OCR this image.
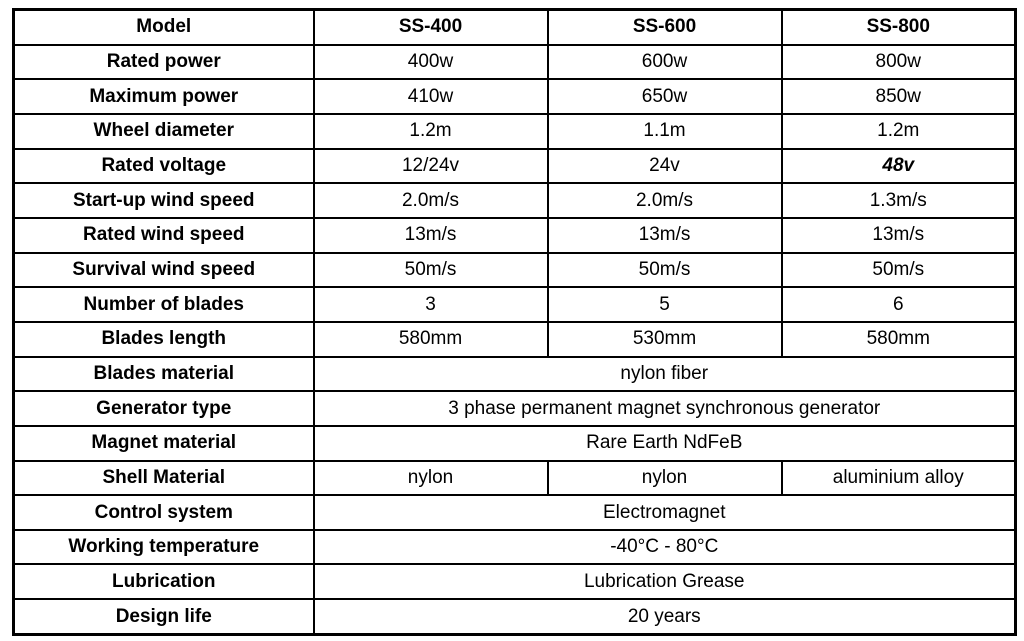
Model	SS-400	SS-600	SS-800
Rated power	400w	600w	800w
Maximum power	410w	650w	850w
Wheel diameter	1.2m	1.1m	1.2m
Rated voltage	12/24v	24v	48v
Start-up wind speed	2.0m/s	2.0m/s	1.3m/s
Rated wind speed	13m/s	13m/s	13m/s
Survival wind speed	50m/s	50m/s	50m/s
Number of blades	3	5	6
Blades length	580mm	530mm	580mm
Blades material	nylon fiber		
Generator type	3 phase permanent magnet synchronous generator		
Magnet material	Rare Earth NdFeB		
Shell Material	nylon	nylon	aluminium alloy
Control system	Electromagnet		
Working temperature	-40°C - 80°C		
Lubrication	Lubrication Grease		
Design life	20 years		
